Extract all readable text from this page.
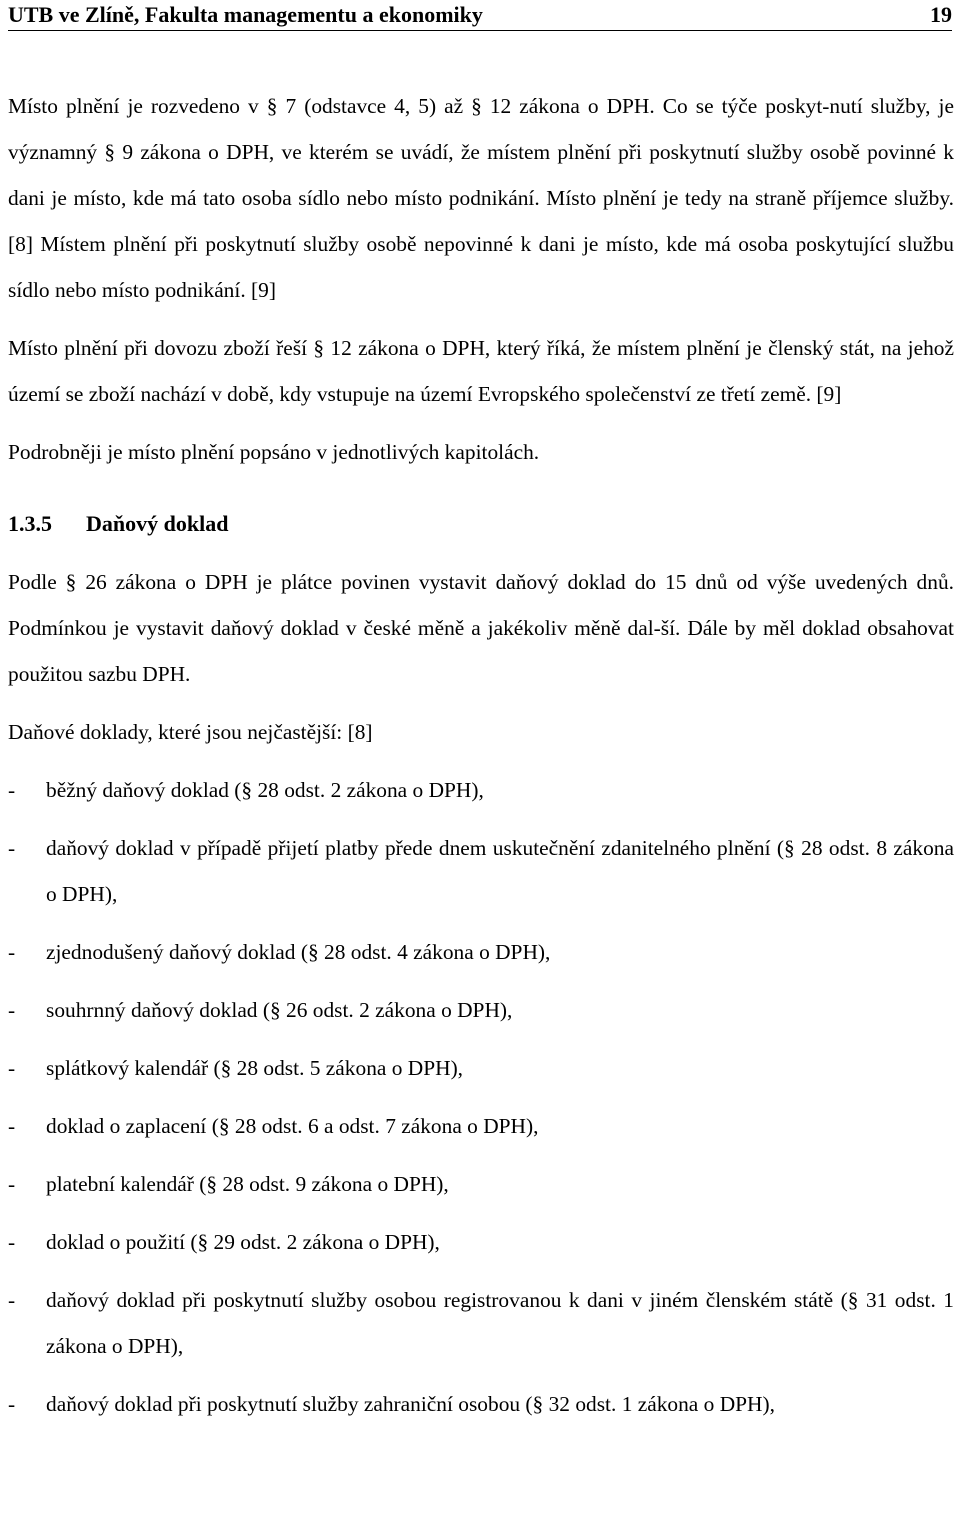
UTB ve Zlíně, Fakulta managementu a ekonomiky	19

Místo plnění je rozvedeno v § 7 (odstavce 4, 5) až § 12 zákona o DPH. Co se týče poskyt-nutí služby, je významný § 9 zákona o DPH, ve kterém se uvádí, že místem plnění při poskytnutí služby osobě povinné k dani je místo, kde má tato osoba sídlo nebo místo podnikání. Místo plnění je tedy na straně příjemce služby. [8] Místem plnění při poskytnutí služby osobě nepovinné k dani je místo, kde má osoba poskytující službu sídlo nebo místo podnikání. [9]

Místo plnění při dovozu zboží řeší § 12 zákona o DPH, který říká, že místem plnění je členský stát, na jehož území se zboží nachází v době, kdy vstupuje na území Evropského společenství ze třetí země. [9]

Podrobněji je místo plnění popsáno v jednotlivých kapitolách.

1.3.5 Daňový doklad

Podle § 26 zákona o DPH je plátce povinen vystavit daňový doklad do 15 dnů od výše uvedených dnů. Podmínkou je vystavit daňový doklad v české měně a jakékoliv měně dal-ší. Dále by měl doklad obsahovat použitou sazbu DPH.

Daňové doklady, které jsou nejčastější: [8]

- běžný daňový doklad (§ 28 odst. 2 zákona o DPH),
- daňový doklad v případě přijetí platby přede dnem uskutečnění zdanitelného plnění (§ 28 odst. 8 zákona o DPH),
- zjednodušený daňový doklad (§ 28 odst. 4 zákona o DPH),
- souhrnný daňový doklad (§ 26 odst. 2 zákona o DPH),
- splátkový kalendář (§ 28 odst. 5 zákona o DPH),
- doklad o zaplacení (§ 28 odst. 6 a odst. 7 zákona o DPH),
- platební kalendář (§ 28 odst. 9 zákona o DPH),
- doklad o použití (§ 29 odst. 2 zákona o DPH),
- daňový doklad při poskytnutí služby osobou registrovanou k dani v jiném členském státě (§ 31 odst. 1 zákona o DPH),
- daňový doklad při poskytnutí služby zahraniční osobou (§ 32 odst. 1 zákona o DPH),
